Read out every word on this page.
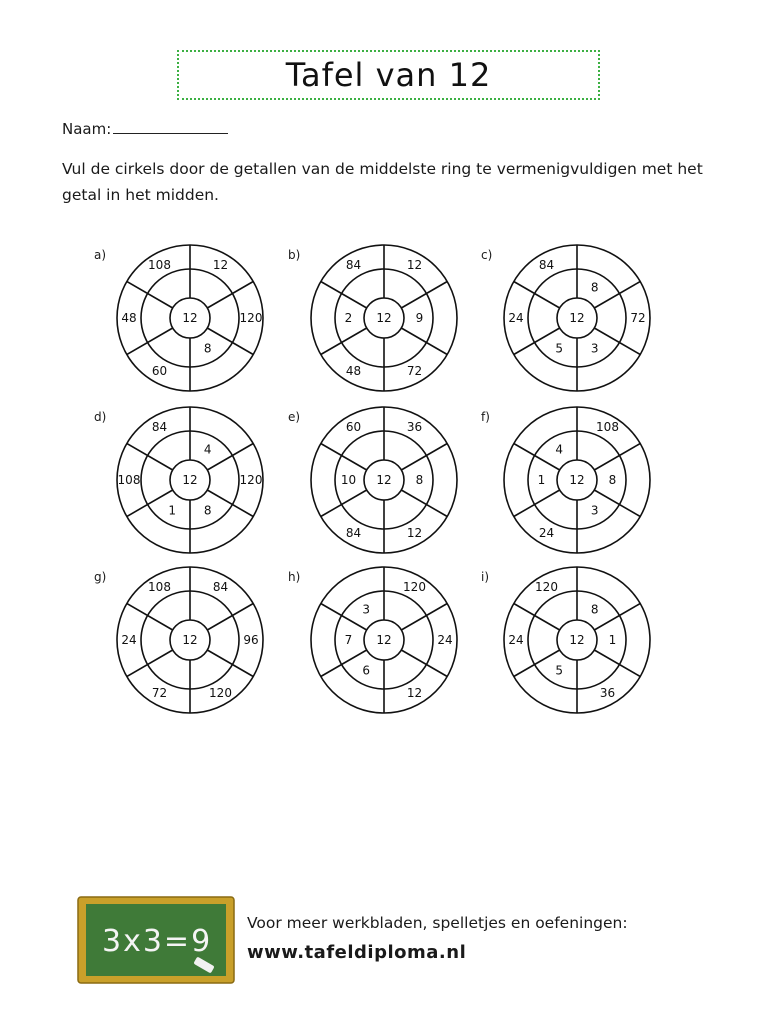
Tafel van 12
Naam:
Vul de cirkels door de getallen van de middelste ring te vermenigvuldigen met het getal in het midden.
a)
12
12
120
8
60
48
108
b)
12
12
9
72
48
2
84
c)
12
8
72
3
5
24
84
d)
12
4
120
8
1
108
84
e)
12
36
8
12
84
10
60
f)
12
108
8
3
24
1
4
g)
12
84
96
120
72
24
108
h)
12
120
24
12
6
7
3
i)
12
8
1
36
5
24
120
3x3=9
Voor meer werkbladen, spelletjes en oefeningen:
www.tafeldiploma.nl
